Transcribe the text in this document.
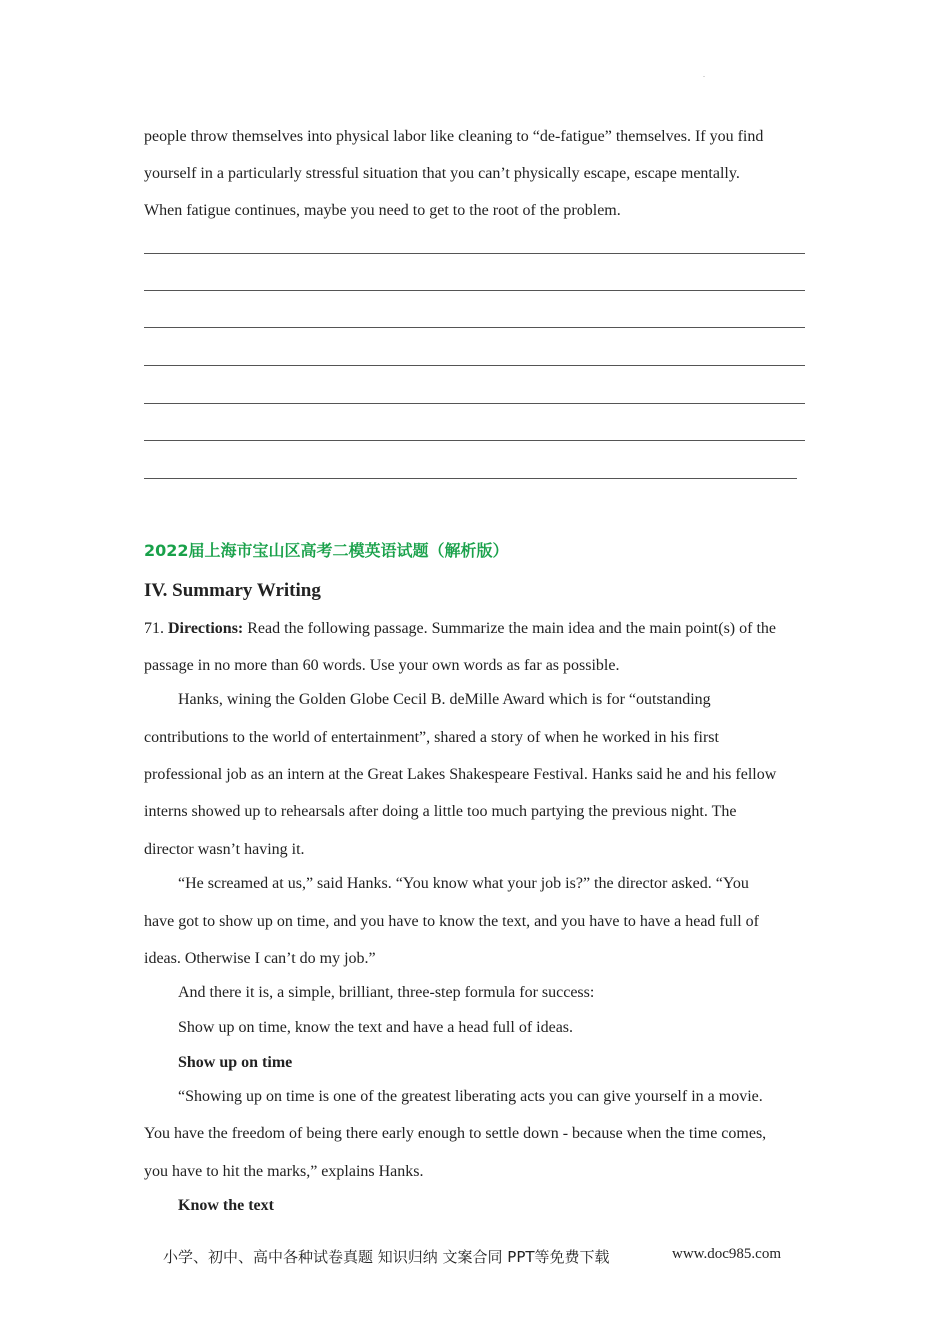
.
people throw themselves into physical labor like cleaning to “de-fatigue” themselves. If you find
yourself in a particularly stressful situation that you can’t physically escape, escape mentally.
When fatigue continues, maybe you need to get to the root of the problem.
2022届上海市宝山区高考二模英语试题（解析版）
IV. Summary Writing
71. Directions: Read the following passage. Summarize the main idea and the main point(s) of the
passage in no more than 60 words. Use your own words as far as possible.
Hanks, wining the Golden Globe Cecil B. deMille Award which is for “outstanding
contributions to the world of entertainment”, shared a story of when he worked in his first
professional job as an intern at the Great Lakes Shakespeare Festival. Hanks said he and his fellow
interns showed up to rehearsals after doing a little too much partying the previous night. The
director wasn’t having it.
“He screamed at us,” said Hanks. “You know what your job is?” the director asked. “You
have got to show up on time, and you have to know the text, and you have to have a head full of
ideas. Otherwise I can’t do my job.”
And there it is, a simple, brilliant, three-step formula for success:
Show up on time, know the text and have a head full of ideas.
Show up on time
“Showing up on time is one of the greatest liberating acts you can give yourself in a movie.
You have the freedom of being there early enough to settle down - because when the time comes,
you have to hit the marks,” explains Hanks.
Know the text
小学、初中、高中各种试卷真题 知识归纳 文案合同 PPT等免费下载	www.doc985.com
